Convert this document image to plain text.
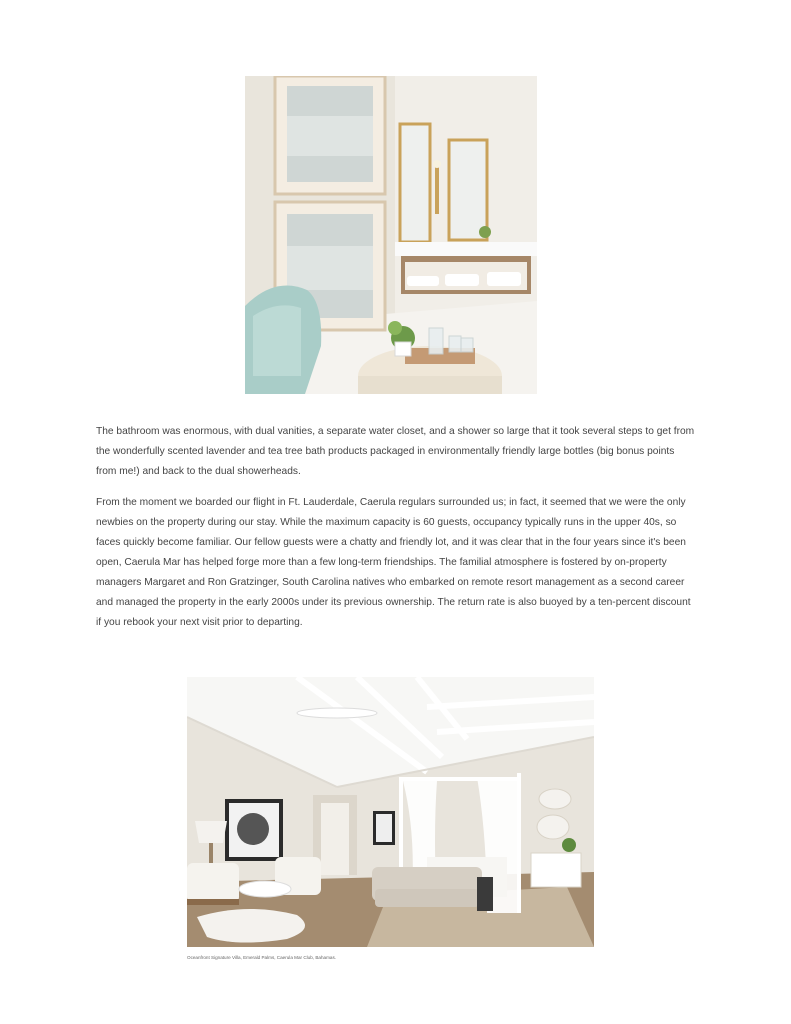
The bathroom was enormous, with dual vanities, a separate water closet, and a shower so large that it took several steps to get from the wonderfully scented lavender and tea tree bath products packaged in environmentally friendly large bottles (big bonus points from me!) and back to the dual showerheads.

From the moment we boarded our flight in Ft. Lauderdale, Caerula regulars surrounded us; in fact, it seemed that we were the only newbies on the property during our stay. While the maximum capacity is 60 guests, occupancy typically runs in the upper 40s, so faces quickly become familiar. Our fellow guests were a chatty and friendly lot, and it was clear that in the four years since it's been open, Caerula Mar has helped forge more than a few long-term friendships. The familial atmosphere is fostered by on-property managers Margaret and Ron Gratzinger, South Carolina natives who embarked on remote resort management as a second career and managed the property in the early 2000s under its previous ownership. The return rate is also buoyed by a ten-percent discount if you rebook your next visit prior to departing.

Oceanfront Signature Villa, Emerald Palms, Caerula Mar Club, Bahamas.
